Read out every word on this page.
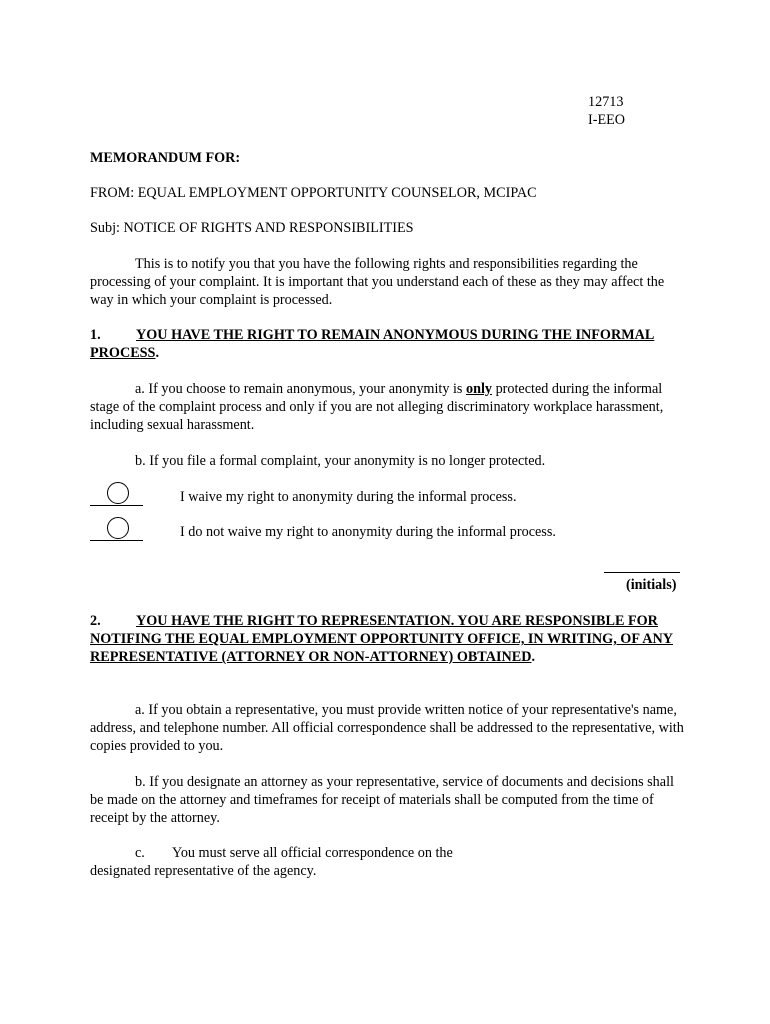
12713
I-EEO
MEMORANDUM FOR:
FROM: EQUAL EMPLOYMENT OPPORTUNITY COUNSELOR, MCIPAC
Subj: NOTICE OF RIGHTS AND RESPONSIBILITIES
This is to notify you that you have the following rights and responsibilities regarding the processing of your complaint. It is important that you understand each of these as they may affect the way in which your complaint is processed.
1. YOU HAVE THE RIGHT TO REMAIN ANONYMOUS DURING THE INFORMAL PROCESS.
a. If you choose to remain anonymous, your anonymity is only protected during the informal stage of the complaint process and only if you are not alleging discriminatory workplace harassment, including sexual harassment.
b. If you file a formal complaint, your anonymity is no longer protected.
I waive my right to anonymity during the informal process.
I do not waive my right to anonymity during the informal process.
(initials)
2. YOU HAVE THE RIGHT TO REPRESENTATION. YOU ARE RESPONSIBLE FOR NOTIFING THE EQUAL EMPLOYMENT OPPORTUNITY OFFICE, IN WRITING, OF ANY REPRESENTATIVE (ATTORNEY OR NON-ATTORNEY) OBTAINED.
a. If you obtain a representative, you must provide written notice of your representative's name, address, and telephone number. All official correspondence shall be addressed to the representative, with copies provided to you.
b. If you designate an attorney as your representative, service of documents and decisions shall be made on the attorney and timeframes for receipt of materials shall be computed from the time of receipt by the attorney.
c. You must serve all official correspondence on the
designated representative of the agency.
